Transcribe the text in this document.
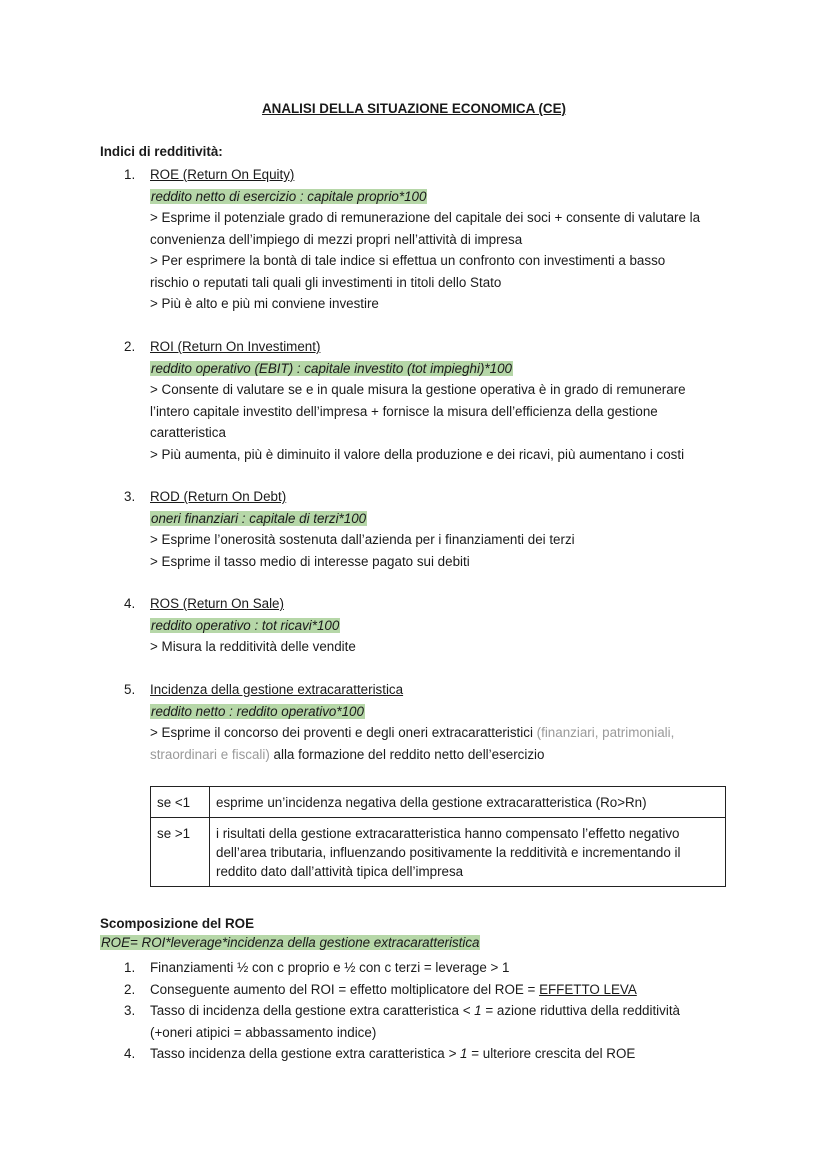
ANALISI DELLA SITUAZIONE ECONOMICA (CE)
Indici di redditività:
1.	ROE (Return On Equity)
reddito netto di esercizio : capitale proprio*100
> Esprime il potenziale grado di remunerazione del capitale dei soci + consente di valutare la
convenienza dell’impiego di mezzi propri nell’attività di impresa
> Per esprimere la bontà di tale indice si effettua un confronto con investimenti a basso
rischio o reputati tali quali gli investimenti in titoli dello Stato
> Più è alto e più mi conviene investire
2.	ROI (Return On Investiment)
reddito operativo (EBIT) : capitale investito (tot impieghi)*100
> Consente di valutare se e in quale misura la gestione operativa è in grado di remunerare
l’intero capitale investito dell’impresa + fornisce la misura dell’efficienza della gestione
caratteristica
> Più aumenta, più è diminuito il valore della produzione e dei ricavi, più aumentano i costi
3.	ROD (Return On Debt)
oneri finanziari : capitale di terzi*100
> Esprime l’onerosità sostenuta dall’azienda per i finanziamenti dei terzi
> Esprime il tasso medio di interesse pagato sui debiti
4.	ROS (Return On Sale)
reddito operativo : tot ricavi*100
> Misura la redditività delle vendite
5.	Incidenza della gestione extracaratteristica
reddito netto : reddito operativo*100
> Esprime il concorso dei proventi e degli oneri extracaratteristici (finanziari, patrimoniali,
straordinari e fiscali) alla formazione del reddito netto dell’esercizio
se <1	esprime un’incidenza negativa della gestione extracaratteristica (Ro>Rn)
se >1	i risultati della gestione extracaratteristica hanno compensato l’effetto negativo dell’area tributaria, influenzando positivamente la redditività e incrementando il reddito dato dall’attività tipica dell’impresa
Scomposizione del ROE
ROE= ROI*leverage*incidenza della gestione extracaratteristica
1.	Finanziamenti ½ con c proprio e ½ con c terzi = leverage > 1
2.	Conseguente aumento del ROI = effetto moltiplicatore del ROE = EFFETTO LEVA
3.	Tasso di incidenza della gestione extra caratteristica < 1 = azione riduttiva della redditività
(+oneri atipici = abbassamento indice)
4.	Tasso incidenza della gestione extra caratteristica > 1 = ulteriore crescita del ROE
